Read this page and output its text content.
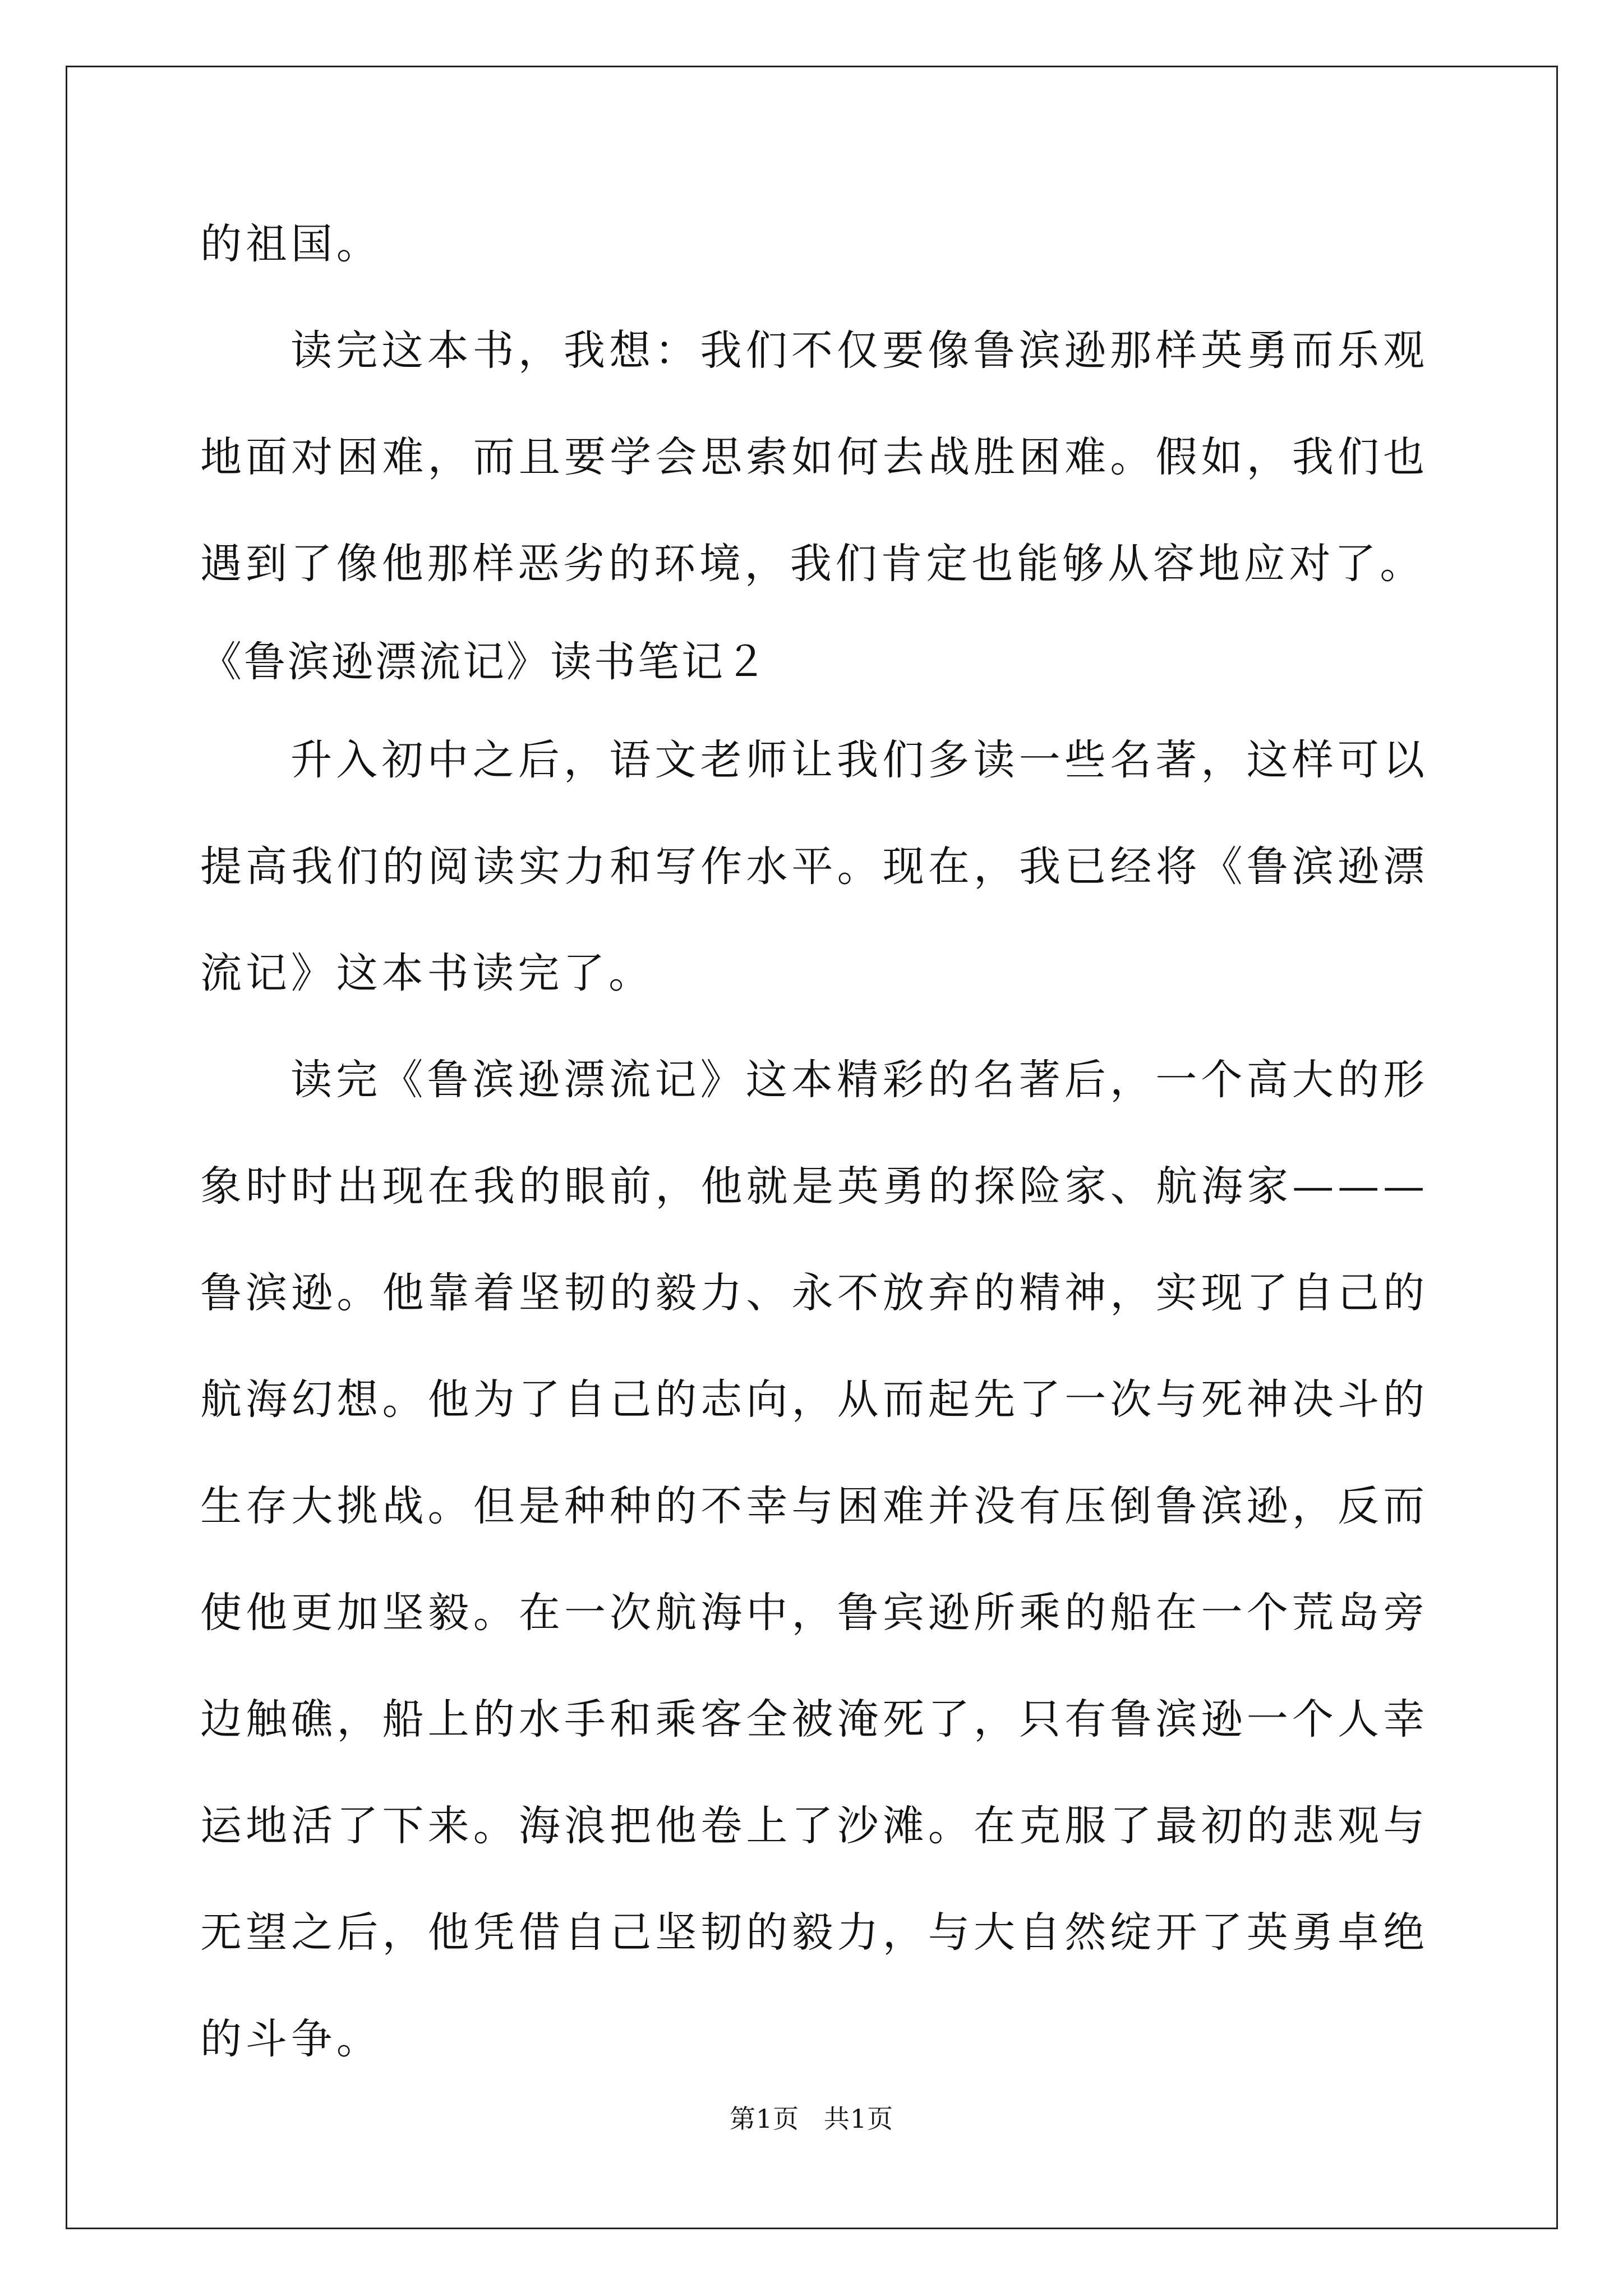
的祖国。

读完这本书，我想：我们不仅要像鲁滨逊那样英勇而乐观地面对困难，而且要学会思索如何去战胜困难。假如，我们也遇到了像他那样恶劣的环境，我们肯定也能够从容地应对了。

《鲁滨逊漂流记》读书笔记２

升入初中之后，语文老师让我们多读一些名著，这样可以提高我们的阅读实力和写作水平。现在，我已经将《鲁滨逊漂流记》这本书读完了。

读完《鲁滨逊漂流记》这本精彩的名著后，一个高大的形象时时出现在我的眼前，他就是英勇的探险家、航海家———鲁滨逊。他靠着坚韧的毅力、永不放弃的精神，实现了自己的航海幻想。他为了自己的志向，从而起先了一次与死神决斗的生存大挑战。但是种种的不幸与困难并没有压倒鲁滨逊，反而使他更加坚毅。在一次航海中，鲁宾逊所乘的船在一个荒岛旁边触礁，船上的水手和乘客全被淹死了，只有鲁滨逊一个人幸运地活了下来。海浪把他卷上了沙滩。在克服了最初的悲观与无望之后，他凭借自己坚韧的毅力，与大自然绽开了英勇卓绝的斗争。

第1页 共1页
